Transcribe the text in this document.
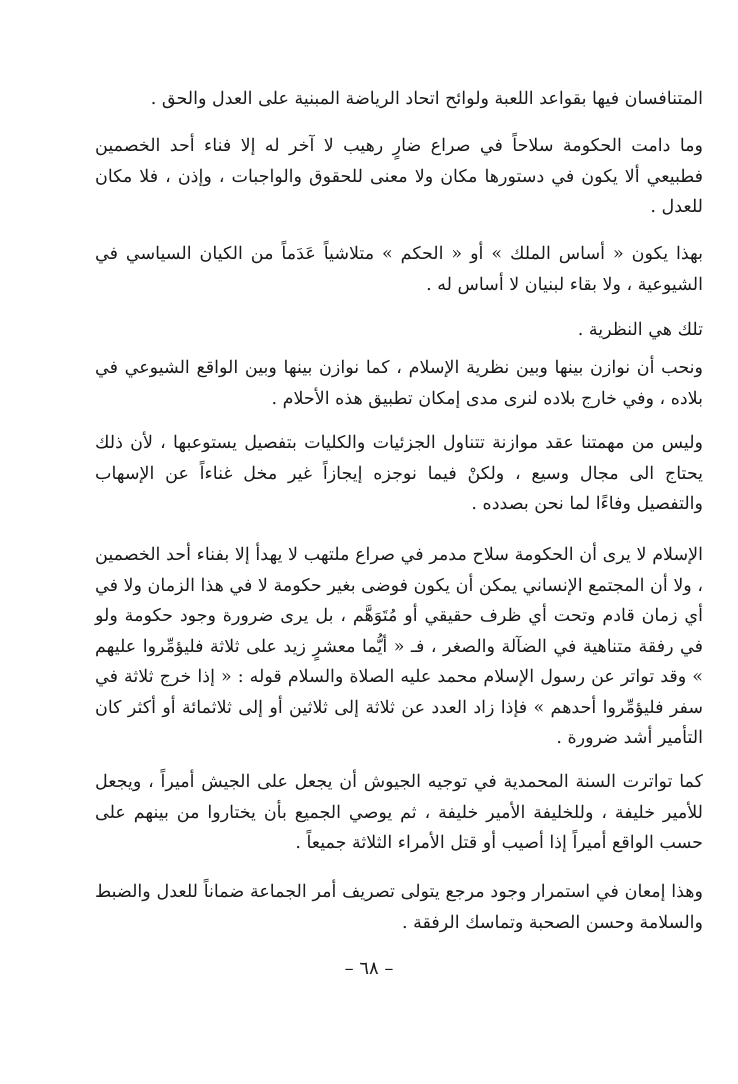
المتنافسان فيها بقواعد اللعبة ولوائح اتحاد الرياضة المبنية على العدل والحق .

وما دامت الحكومة سلاحاً في صراع ضارٍ رهيب لا آخر له إلا فناء أحد الخصمين فطبيعي ألا يكون في دستورها مكان ولا معنى للحقوق والواجبات ، وإذن ، فلا مكان للعدل .

بهذا يكون « أساس الملك » أو « الحكم » متلاشياً عَدَماً من الكيان السياسي في الشيوعية ، ولا بقاء لبنيان لا أساس له .

تلك هي النظرية .

ونحب أن نوازن بينها وبين نظرية الإسلام ، كما نوازن بينها وبين الواقع الشيوعي في بلاده ، وفي خارج بلاده لنرى مدى إمكان تطبيق هذه الأحلام .

وليس من مهمتنا عقد موازنة تتناول الجزئيات والكليات بتفصيل يستوعبها ، لأن ذلك يحتاج الى مجال وسيع ، ولكنْ فيما نوجزه إيجازاً غير مخل غناءاً عن الإسهاب والتفصيل وفاءًا لما نحن بصدده .

الإسلام لا يرى أن الحكومة سلاح مدمر في صراع ملتهب لا يهدأ إلا بفناء أحد الخصمين ، ولا أن المجتمع الإنساني يمكن أن يكون فوضى بغير حكومة لا في هذا الزمان ولا في أي زمان قادم وتحت أي ظرف حقيقي أو مُتَوَهَّم ، بل يرى ضرورة وجود حكومة ولو في رفقة متناهية في الضآلة والصغر ، فـ « أيُّما معشرٍ زيد على ثلاثة فليؤمِّروا عليهم » وقد تواتر عن رسول الإسلام محمد عليه الصلاة والسلام قوله : « إذا خرج ثلاثة في سفر فليؤمِّروا أحدهم » فإذا زاد العدد عن ثلاثة إلى ثلاثين أو إلى ثلاثمائة أو أكثر كان التأمير أشد ضرورة .

كما تواترت السنة المحمدية في توجيه الجيوش أن يجعل على الجيش أميراً ، ويجعل للأمير خليفة ، وللخليفة الأمير خليفة ، ثم يوصي الجميع بأن يختاروا من بينهم على حسب الواقع أميراً إذا أصيب أو قتل الأمراء الثلاثة جميعاً .

وهذا إمعان في استمرار وجود مرجع يتولى تصريف أمر الجماعة ضماناً للعدل والضبط والسلامة وحسن الصحبة وتماسك الرفقة .

– ٦٨ –
